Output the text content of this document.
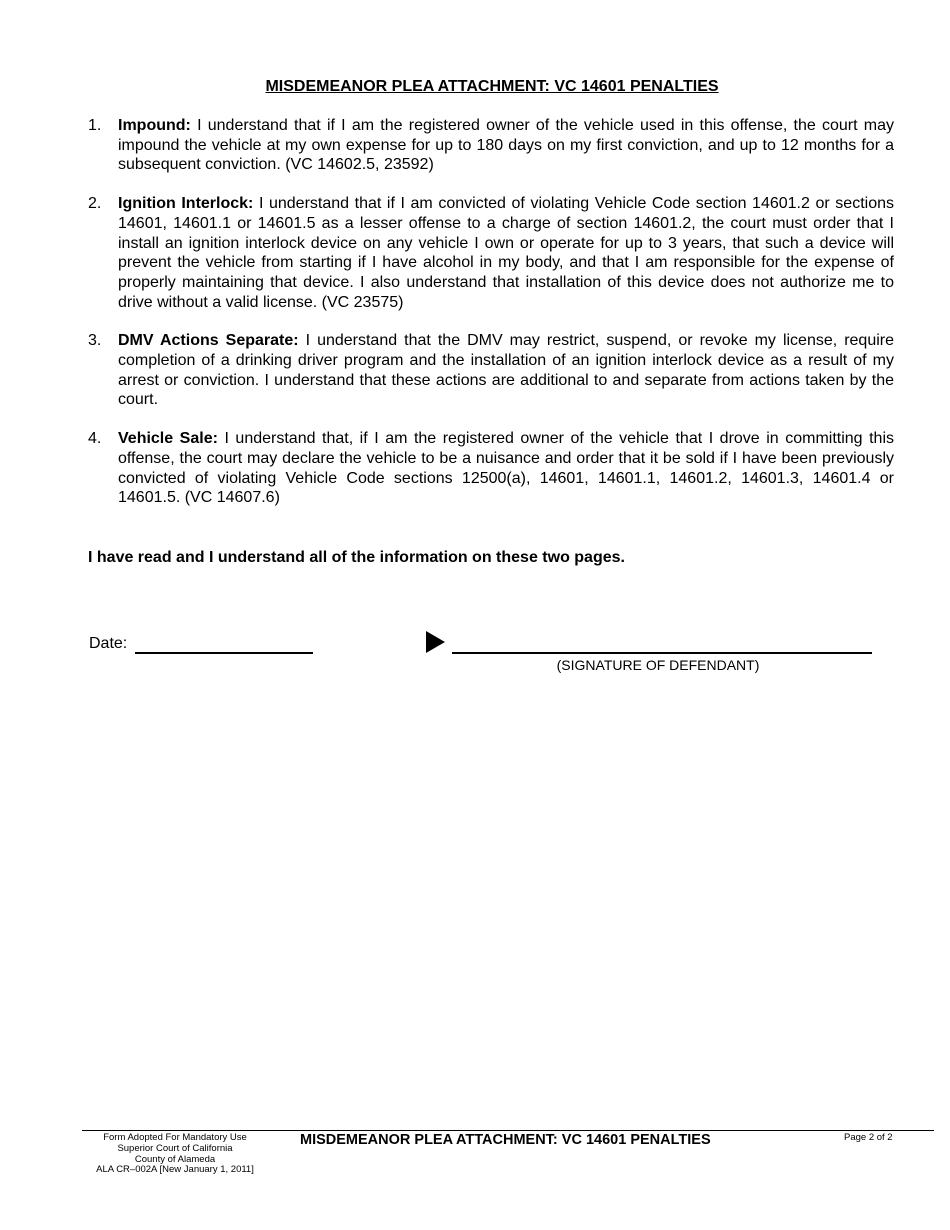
MISDEMEANOR PLEA ATTACHMENT: VC 14601 PENALTIES
1. Impound: I understand that if I am the registered owner of the vehicle used in this offense, the court may impound the vehicle at my own expense for up to 180 days on my first conviction, and up to 12 months for a subsequent conviction. (VC 14602.5, 23592)
2. Ignition Interlock: I understand that if I am convicted of violating Vehicle Code section 14601.2 or sections 14601, 14601.1 or 14601.5 as a lesser offense to a charge of section 14601.2, the court must order that I install an ignition interlock device on any vehicle I own or operate for up to 3 years, that such a device will prevent the vehicle from starting if I have alcohol in my body, and that I am responsible for the expense of properly maintaining that device. I also understand that installation of this device does not authorize me to drive without a valid license. (VC 23575)
3. DMV Actions Separate: I understand that the DMV may restrict, suspend, or revoke my license, require completion of a drinking driver program and the installation of an ignition interlock device as a result of my arrest or conviction. I understand that these actions are additional to and separate from actions taken by the court.
4. Vehicle Sale: I understand that, if I am the registered owner of the vehicle that I drove in committing this offense, the court may declare the vehicle to be a nuisance and order that it be sold if I have been previously convicted of violating Vehicle Code sections 12500(a), 14601, 14601.1, 14601.2, 14601.3, 14601.4 or 14601.5. (VC 14607.6)
I have read and I understand all of the information on these two pages.
Date:
(SIGNATURE OF DEFENDANT)
Form Adopted For Mandatory Use
Superior Court of California
County of Alameda
ALA CR–002A [New January 1, 2011]
MISDEMEANOR PLEA ATTACHMENT: VC 14601 PENALTIES	Page 2 of 2
